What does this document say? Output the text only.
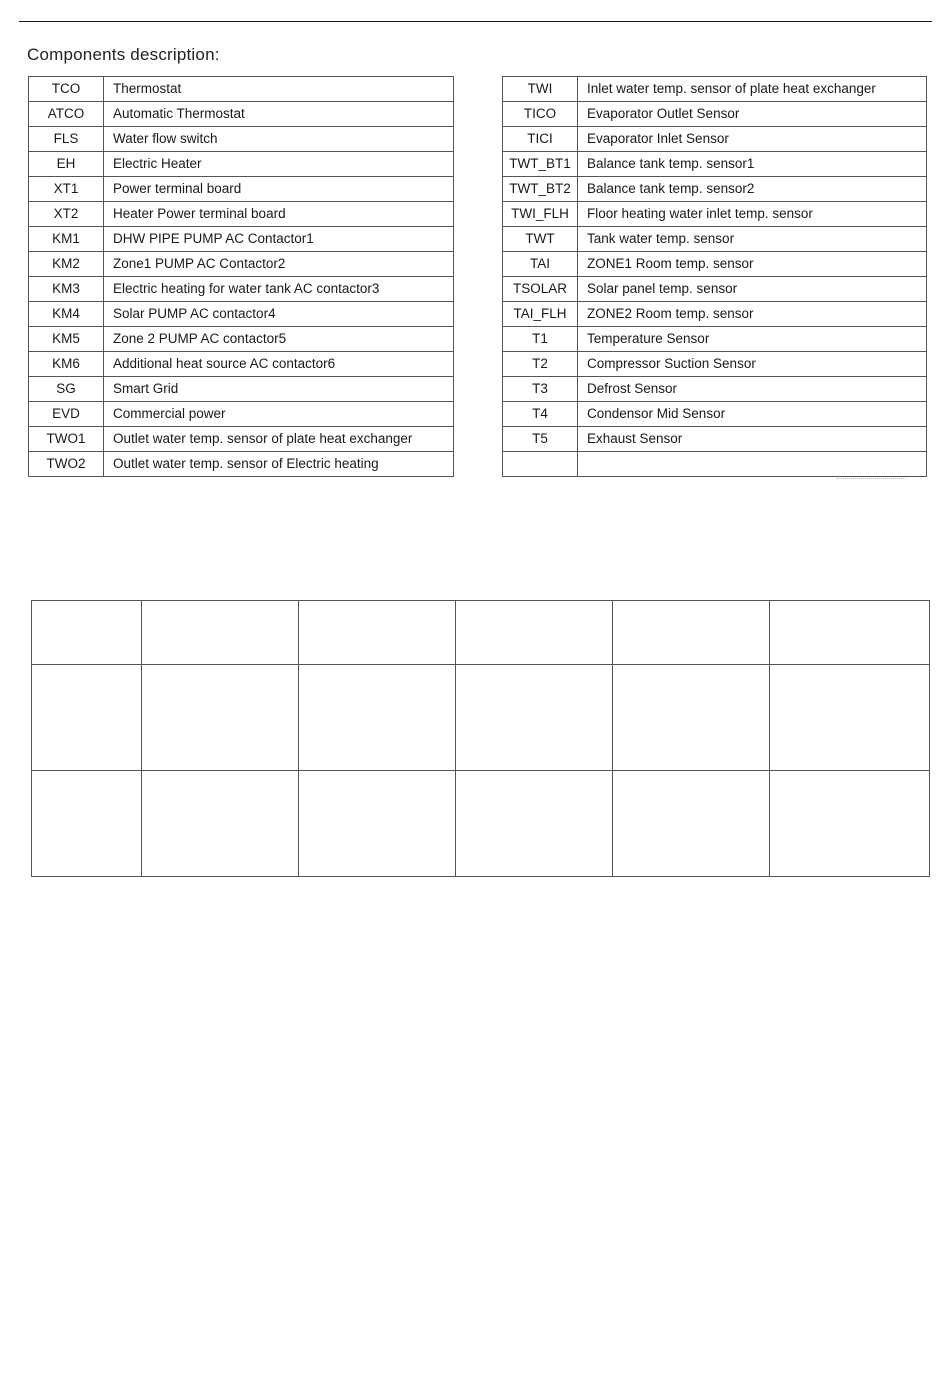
Components description:
TCO	Thermostat
ATCO	Automatic Thermostat
FLS	Water flow switch
EH	Electric Heater
XT1	Power terminal board
XT2	Heater Power terminal board
KM1	DHW PIPE PUMP AC Contactor1
KM2	Zone1 PUMP AC Contactor2
KM3	Electric heating for water tank AC contactor3
KM4	Solar PUMP AC contactor4
KM5	Zone 2 PUMP AC contactor5
KM6	Additional heat source AC contactor6
SG	Smart Grid
EVD	Commercial power
TWO1	Outlet water temp. sensor of plate heat exchanger
TWO2	Outlet water temp. sensor of Electric heating
TWI	Inlet water temp. sensor of plate heat exchanger
TICO	Evaporator Outlet Sensor
TICI	Evaporator Inlet Sensor
TWT_BT1	Balance tank temp. sensor1
TWT_BT2	Balance tank temp. sensor2
TWI_FLH	Floor heating water inlet temp. sensor
TWT	Tank water temp. sensor
TAI	ZONE1 Room temp. sensor
TSOLAR	Solar panel temp. sensor
TAI_FLH	ZONE2 Room temp. sensor
T1	Temperature Sensor
T2	Compressor Suction Sensor
T3	Defrost Sensor
T4	Condensor Mid Sensor
T5	Exhaust Sensor
